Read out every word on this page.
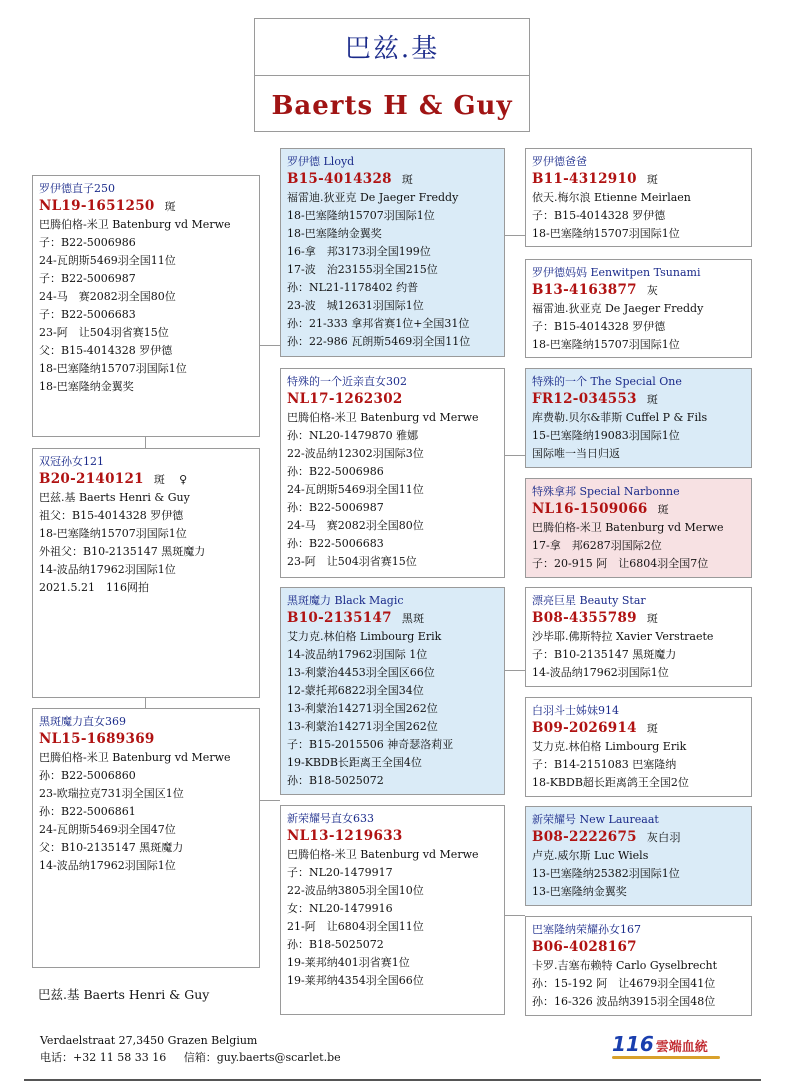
巴兹.基
Baerts H & Guy
罗伊德直子250
NL19-1651250 斑
巴腾伯格-米卫 Batenburg vd Merwe
子：B22-5006986
24-瓦朗斯5469羽全国11位
子：B22-5006987
24-马　赛2082羽全国80位
子：B22-5006683
23-阿　让504羽省赛15位
父：B15-4014328 罗伊德
18-巴塞隆纳15707羽国际1位
18-巴塞隆纳金翼奖
双冠孙女121
B20-2140121 斑 ♀
巴兹.基 Baerts Henri & Guy
祖父：B15-4014328 罗伊德
18-巴塞隆纳15707羽国际1位
外祖父：B10-2135147 黑斑魔力
14-波品纳17962羽国际1位
2021.5.21　116网拍
黑斑魔力直女369
NL15-1689369
巴腾伯格-米卫 Batenburg vd Merwe
孙：B22-5006860
23-欧瑞拉克731羽全国区1位
孙：B22-5006861
24-瓦朗斯5469羽全国47位
父：B10-2135147 黑斑魔力
14-波品纳17962羽国际1位
罗伊德 Lloyd
B15-4014328 斑
福雷迪.狄亚克 De Jaeger Freddy
18-巴塞隆纳15707羽国际1位
18-巴塞隆纳金翼奖
16-拿　邦3173羽全国199位
17-波　治23155羽全国215位
孙：NL21-1178402 约普
23-波　城12631羽国际1位
孙：21-333 拿邦省赛1位+全国31位
孙：22-986 瓦朗斯5469羽全国11位
特殊的一个近亲直女302
NL17-1262302
巴腾伯格-米卫 Batenburg vd Merwe
孙：NL20-1479870 雅娜
22-波品纳12302羽国际3位
孙：B22-5006986
24-瓦朗斯5469羽全国11位
孙：B22-5006987
24-马　赛2082羽全国80位
孙：B22-5006683
23-阿　让504羽省赛15位
黑斑魔力 Black Magic
B10-2135147 黑斑
艾力克.林伯格 Limbourg Erik
14-波品纳17962羽国际 1位
13-利蒙治4453羽全国区66位
12-蒙托邦6822羽全国34位
13-利蒙治14271羽全国262位
13-利蒙治14271羽全国262位
子：B15-2015506 神奇瑟洛莉亚
19-KBDB长距离王全国4位
孙：B18-5025072
新荣耀号直女633
NL13-1219633
巴腾伯格-米卫 Batenburg vd Merwe
子：NL20-1479917
22-波品纳3805羽全国10位
女：NL20-1479916
21-阿　让6804羽全国11位
孙：B18-5025072
19-莱邦纳401羽省赛1位
19-莱邦纳4354羽全国66位
罗伊德爸爸
B11-4312910 斑
依天.梅尔浪 Etienne Meirlaen
子：B15-4014328 罗伊德
18-巴塞隆纳15707羽国际1位
罗伊德妈妈 Eenwitpen Tsunami
B13-4163877 灰
福雷迪.狄亚克 De Jaeger Freddy
子：B15-4014328 罗伊德
18-巴塞隆纳15707羽国际1位
特殊的一个 The Special One
FR12-034553 斑
库费勒.贝尔&菲斯 Cuffel P & Fils
15-巴塞隆纳19083羽国际1位
国际唯一当日归返
特殊拿邦 Special Narbonne
NL16-1509066 斑
巴腾伯格-米卫 Batenburg vd Merwe
17-拿　邦6287羽国际2位
子：20-915 阿　让6804羽全国7位
漂亮巨星 Beauty Star
B08-4355789 斑
沙毕耶.佛斯特拉 Xavier Verstraete
子：B10-2135147 黑斑魔力
14-波品纳17962羽国际1位
白羽斗士姊妹914
B09-2026914 斑
艾力克.林伯格 Limbourg Erik
子：B14-2151083 巴塞隆纳
18-KBDB超长距离鸽王全国2位
新荣耀号 New Laureaat
B08-2222675 灰白羽
卢克.威尔斯 Luc Wiels
13-巴塞隆纳25382羽国际1位
13-巴塞隆纳金翼奖
巴塞隆纳荣耀孙女167
B06-4028167
卡罗.吉塞布赖特 Carlo Gyselbrecht
孙：15-192 阿　让4679羽全国41位
孙：16-326 波品纳3915羽全国48位
巴兹.基 Baerts Henri & Guy
Verdaelstraat 27,3450 Grazen Belgium
电话：+32 11 58 33 16 信箱：guy.baerts@scarlet.be
116 雲端血統
